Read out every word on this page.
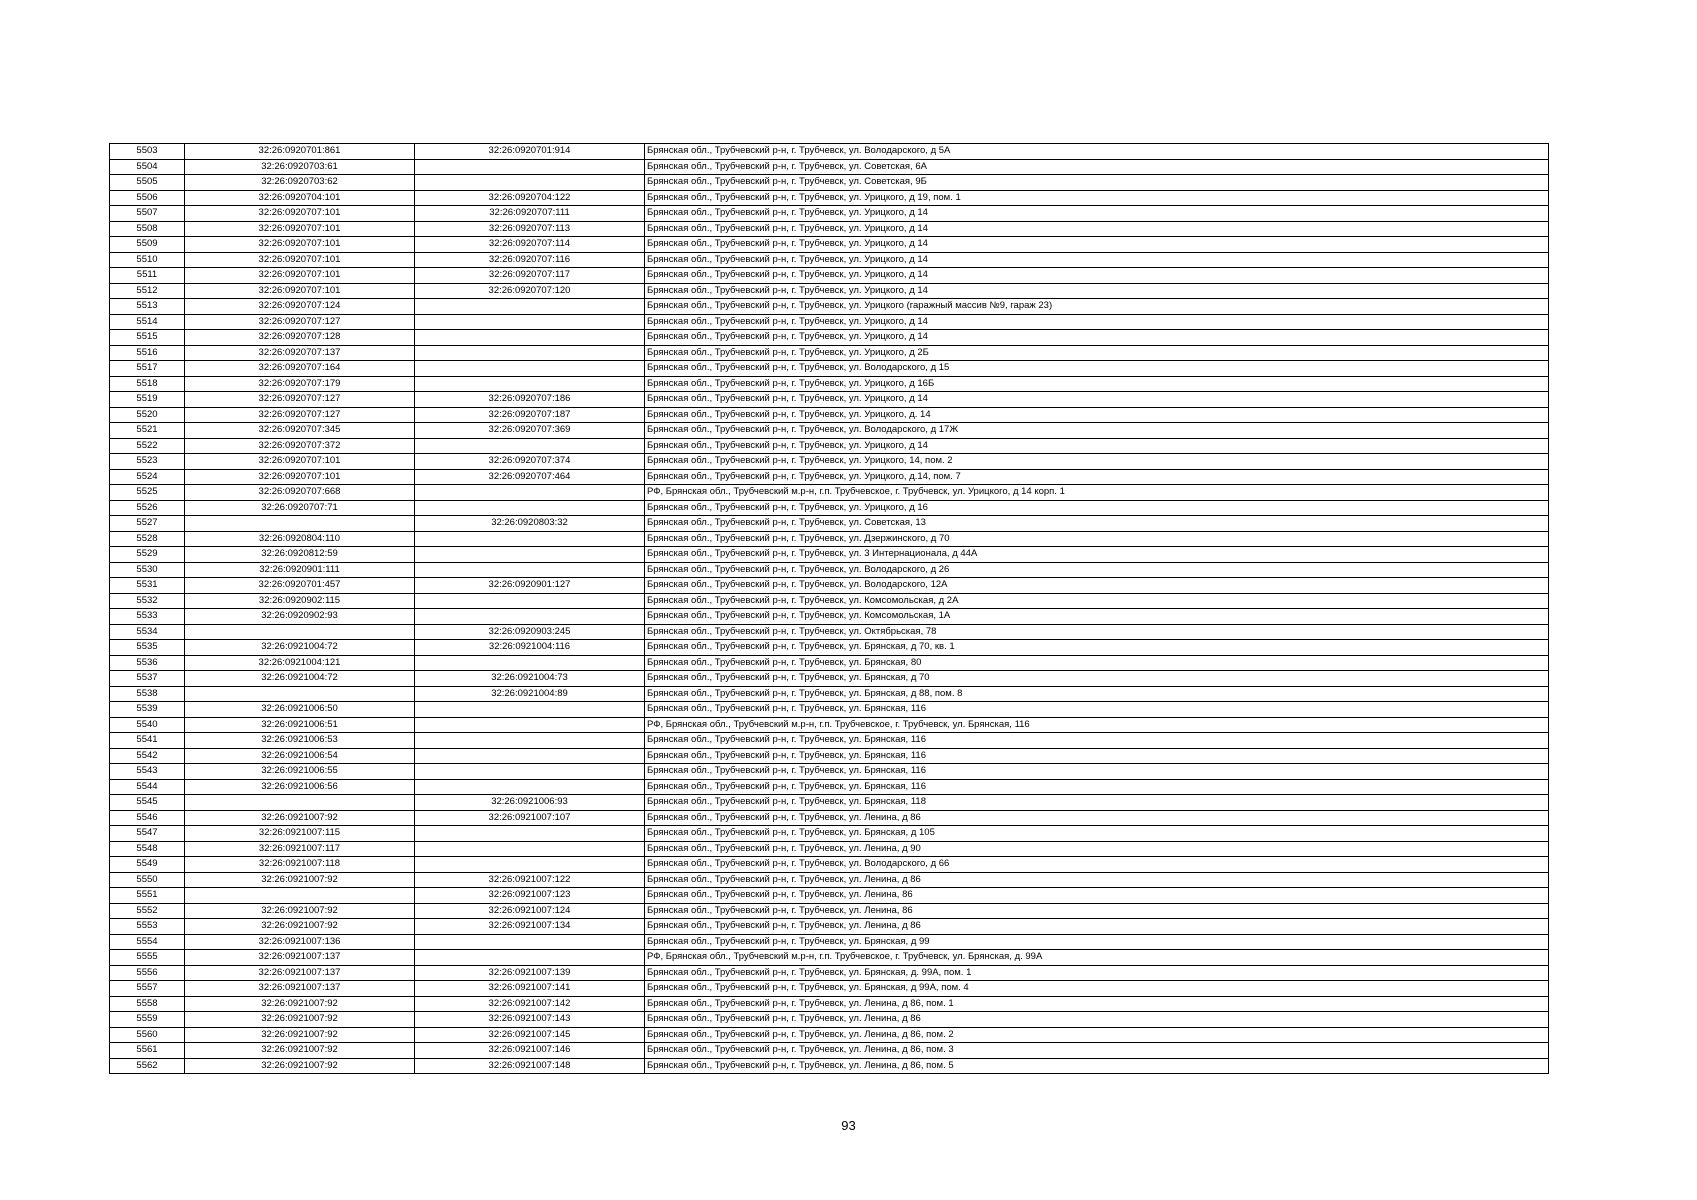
5503	32:26:0920701:861	32:26:0920701:914	Брянская обл., Трубчевский р-н, г. Трубчевск, ул. Володарского, д 5А
5504	32:26:0920703:61		Брянская обл., Трубчевский р-н, г. Трубчевск, ул. Советская, 6А
5505	32:26:0920703:62		Брянская обл., Трубчевский р-н, г. Трубчевск, ул. Советская, 9Б
5506	32:26:0920704:101	32:26:0920704:122	Брянская обл., Трубчевский р-н, г. Трубчевск, ул. Урицкого, д 19, пом. 1
5507	32:26:0920707:101	32:26:0920707:111	Брянская обл., Трубчевский р-н, г. Трубчевск, ул. Урицкого, д 14
5508	32:26:0920707:101	32:26:0920707:113	Брянская обл., Трубчевский р-н, г. Трубчевск, ул. Урицкого, д 14
5509	32:26:0920707:101	32:26:0920707:114	Брянская обл., Трубчевский р-н, г. Трубчевск, ул. Урицкого, д 14
5510	32:26:0920707:101	32:26:0920707:116	Брянская обл., Трубчевский р-н, г. Трубчевск, ул. Урицкого, д 14
5511	32:26:0920707:101	32:26:0920707:117	Брянская обл., Трубчевский р-н, г. Трубчевск, ул. Урицкого, д 14
5512	32:26:0920707:101	32:26:0920707:120	Брянская обл., Трубчевский р-н, г. Трубчевск, ул. Урицкого, д 14
5513	32:26:0920707:124		Брянская обл., Трубчевский р-н, г. Трубчевск, ул. Урицкого (гаражный массив №9, гараж 23)
5514	32:26:0920707:127		Брянская обл., Трубчевский р-н, г. Трубчевск, ул. Урицкого, д 14
5515	32:26:0920707:128		Брянская обл., Трубчевский р-н, г. Трубчевск, ул. Урицкого, д 14
5516	32:26:0920707:137		Брянская обл., Трубчевский р-н, г. Трубчевск, ул. Урицкого, д 2Б
5517	32:26:0920707:164		Брянская обл., Трубчевский р-н, г. Трубчевск, ул. Володарского, д 15
5518	32:26:0920707:179		Брянская обл., Трубчевский р-н, г. Трубчевск, ул. Урицкого, д 16Б
5519	32:26:0920707:127	32:26:0920707:186	Брянская обл., Трубчевский р-н, г. Трубчевск, ул. Урицкого, д 14
5520	32:26:0920707:127	32:26:0920707:187	Брянская обл., Трубчевский р-н, г. Трубчевск, ул. Урицкого, д. 14
5521	32:26:0920707:345	32:26:0920707:369	Брянская обл., Трубчевский р-н, г. Трубчевск, ул. Володарского, д 17Ж
5522	32:26:0920707:372		Брянская обл., Трубчевский р-н, г. Трубчевск, ул. Урицкого, д 14
5523	32:26:0920707:101	32:26:0920707:374	Брянская обл., Трубчевский р-н, г. Трубчевск, ул. Урицкого, 14, пом. 2
5524	32:26:0920707:101	32:26:0920707:464	Брянская обл., Трубчевский р-н, г. Трубчевск, ул. Урицкого, д.14, пом. 7
5525	32:26:0920707:668		РФ, Брянская обл., Трубчевский м.р-н, г.п. Трубчевское, г. Трубчевск, ул. Урицкого, д 14 корп. 1
5526	32:26:0920707:71		Брянская обл., Трубчевский р-н, г. Трубчевск, ул. Урицкого, д 16
5527		32:26:0920803:32	Брянская обл., Трубчевский р-н, г. Трубчевск, ул. Советская, 13
5528	32:26:0920804:110		Брянская обл., Трубчевский р-н, г. Трубчевск, ул. Дзержинского, д 70
5529	32:26:0920812:59		Брянская обл., Трубчевский р-н, г. Трубчевск, ул. 3 Интернационала, д 44А
5530	32:26:0920901:111		Брянская обл., Трубчевский р-н, г. Трубчевск, ул. Володарского, д 26
5531	32:26:0920701:457	32:26:0920901:127	Брянская обл., Трубчевский р-н, г. Трубчевск, ул. Володарского, 12А
5532	32:26:0920902:115		Брянская обл., Трубчевский р-н, г. Трубчевск, ул. Комсомольская, д 2А
5533	32:26:0920902:93		Брянская обл., Трубчевский р-н, г. Трубчевск, ул. Комсомольская, 1А
5534		32:26:0920903:245	Брянская обл., Трубчевский р-н, г. Трубчевск, ул. Октябрьская, 78
5535	32:26:0921004:72	32:26:0921004:116	Брянская обл., Трубчевский р-н, г. Трубчевск, ул. Брянская, д 70, кв. 1
5536	32:26:0921004:121		Брянская обл., Трубчевский р-н, г. Трубчевск, ул. Брянская, 80
5537	32:26:0921004:72	32:26:0921004:73	Брянская обл., Трубчевский р-н, г. Трубчевск, ул. Брянская, д 70
5538		32:26:0921004:89	Брянская обл., Трубчевский р-н, г. Трубчевск, ул. Брянская, д 88, пом. 8
5539	32:26:0921006:50		Брянская обл., Трубчевский р-н, г. Трубчевск, ул. Брянская, 116
5540	32:26:0921006:51		РФ, Брянская обл., Трубчевский м.р-н, г.п. Трубчевское, г. Трубчевск, ул. Брянская, 116
5541	32:26:0921006:53		Брянская обл., Трубчевский р-н, г. Трубчевск, ул. Брянская, 116
5542	32:26:0921006:54		Брянская обл., Трубчевский р-н, г. Трубчевск, ул. Брянская, 116
5543	32:26:0921006:55		Брянская обл., Трубчевский р-н, г. Трубчевск, ул. Брянская, 116
5544	32:26:0921006:56		Брянская обл., Трубчевский р-н, г. Трубчевск, ул. Брянская, 116
5545		32:26:0921006:93	Брянская обл., Трубчевский р-н, г. Трубчевск, ул. Брянская, 118
5546	32:26:0921007:92	32:26:0921007:107	Брянская обл., Трубчевский р-н, г. Трубчевск, ул. Ленина, д 86
5547	32:26:0921007:115		Брянская обл., Трубчевский р-н, г. Трубчевск, ул. Брянская, д 105
5548	32:26:0921007:117		Брянская обл., Трубчевский р-н, г. Трубчевск, ул. Ленина, д 90
5549	32:26:0921007:118		Брянская обл., Трубчевский р-н, г. Трубчевск, ул. Володарского, д 66
5550	32:26:0921007:92	32:26:0921007:122	Брянская обл., Трубчевский р-н, г. Трубчевск, ул. Ленина, д 86
5551		32:26:0921007:123	Брянская обл., Трубчевский р-н, г. Трубчевск, ул. Ленина, 86
5552	32:26:0921007:92	32:26:0921007:124	Брянская обл., Трубчевский р-н, г. Трубчевск, ул. Ленина, 86
5553	32:26:0921007:92	32:26:0921007:134	Брянская обл., Трубчевский р-н, г. Трубчевск, ул. Ленина, д 86
5554	32:26:0921007:136		Брянская обл., Трубчевский р-н, г. Трубчевск, ул. Брянская, д 99
5555	32:26:0921007:137		РФ, Брянская обл., Трубчевский м.р-н, г.п. Трубчевское, г. Трубчевск, ул. Брянская, д. 99А
5556	32:26:0921007:137	32:26:0921007:139	Брянская обл., Трубчевский р-н, г. Трубчевск, ул. Брянская, д. 99А, пом. 1
5557	32:26:0921007:137	32:26:0921007:141	Брянская обл., Трубчевский р-н, г. Трубчевск, ул. Брянская, д 99А, пом. 4
5558	32:26:0921007:92	32:26:0921007:142	Брянская обл., Трубчевский р-н, г. Трубчевск, ул. Ленина, д 86, пом. 1
5559	32:26:0921007:92	32:26:0921007:143	Брянская обл., Трубчевский р-н, г. Трубчевск, ул. Ленина, д 86
5560	32:26:0921007:92	32:26:0921007:145	Брянская обл., Трубчевский р-н, г. Трубчевск, ул. Ленина, д 86, пом. 2
5561	32:26:0921007:92	32:26:0921007:146	Брянская обл., Трубчевский р-н, г. Трубчевск, ул. Ленина, д 86, пом. 3
5562	32:26:0921007:92	32:26:0921007:148	Брянская обл., Трубчевский р-н, г. Трубчевск, ул. Ленина, д 86, пом. 5
93
